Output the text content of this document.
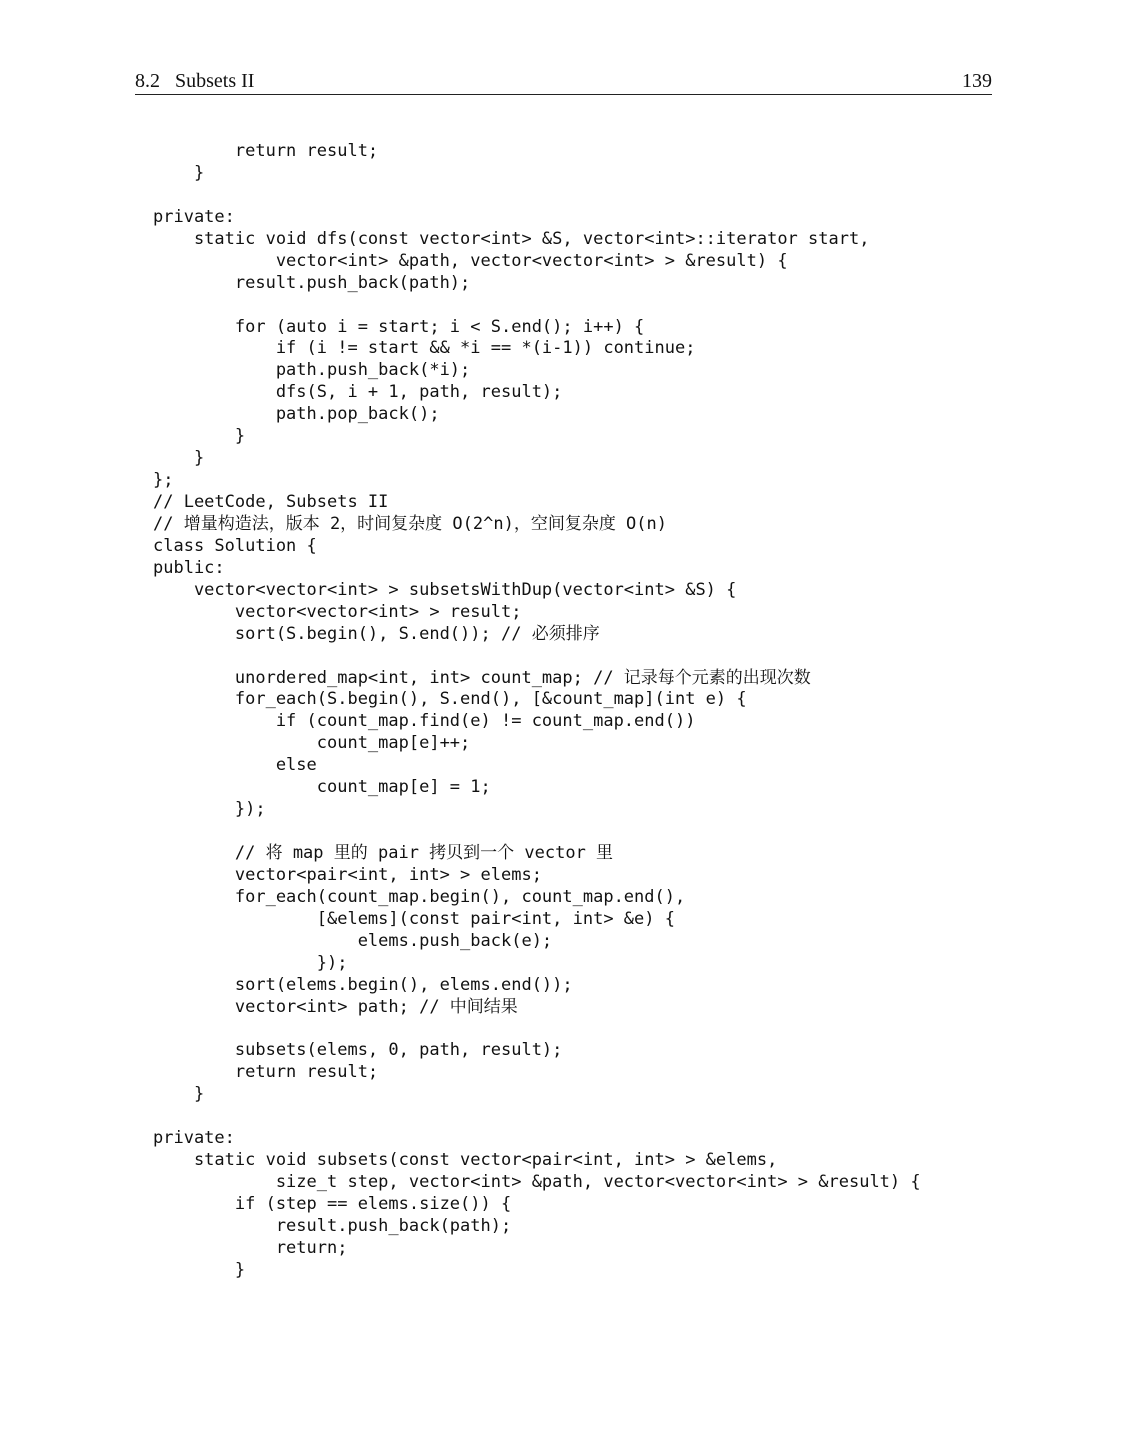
8.2 Subsets II	139
return result;
}
private:
static void dfs(const vector<int> &S, vector<int>::iterator start,
vector<int> &path, vector<vector<int> > &result) {
result.push_back(path);
for (auto i = start; i < S.end(); i++) {
if (i != start && *i == *(i-1)) continue;
path.push_back(*i);
dfs(S, i + 1, path, result);
path.pop_back();
}
}
};
// LeetCode, Subsets II
// 增量构造法，版本 2，时间复杂度 O(2^n)，空间复杂度 O(n)
class Solution {
public:
vector<vector<int> > subsetsWithDup(vector<int> &S) {
vector<vector<int> > result;
sort(S.begin(), S.end()); // 必须排序
unordered_map<int, int> count_map; // 记录每个元素的出现次数
for_each(S.begin(), S.end(), [&count_map](int e) {
if (count_map.find(e) != count_map.end())
count_map[e]++;
else
count_map[e] = 1;
});
// 将 map 里的 pair 拷贝到一个 vector 里
vector<pair<int, int> > elems;
for_each(count_map.begin(), count_map.end(),
[&elems](const pair<int, int> &e) {
elems.push_back(e);
});
sort(elems.begin(), elems.end());
vector<int> path; // 中间结果
subsets(elems, 0, path, result);
return result;
}
private:
static void subsets(const vector<pair<int, int> > &elems,
size_t step, vector<int> &path, vector<vector<int> > &result) {
if (step == elems.size()) {
result.push_back(path);
return;
}
